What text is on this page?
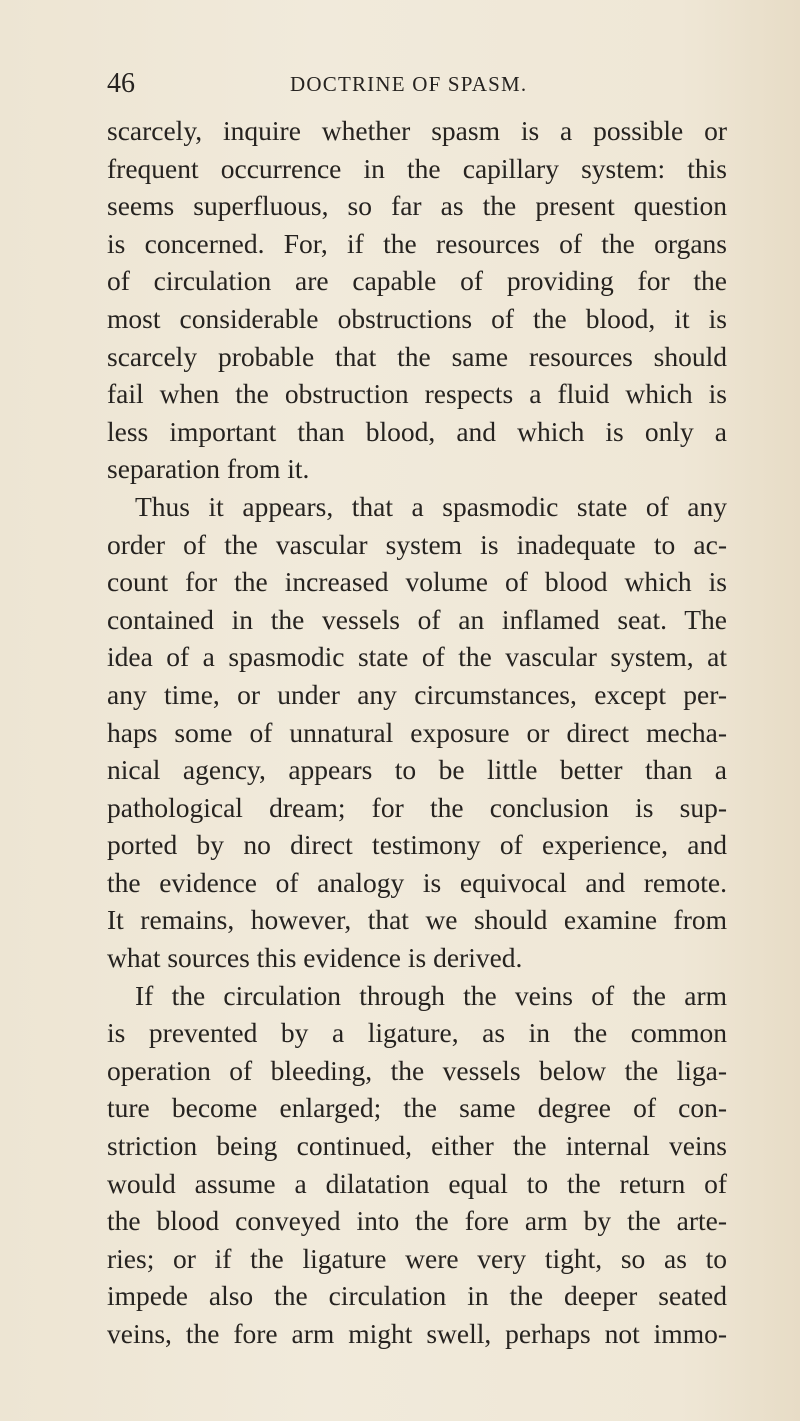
46	DOCTRINE OF SPASM.
scarcely, inquire whether spasm is a possible or
frequent occurrence in the capillary system: this
seems superfluous, so far as the present question
is concerned. For, if the resources of the organs
of circulation are capable of providing for the
most considerable obstructions of the blood, it is
scarcely probable that the same resources should
fail when the obstruction respects a fluid which is
less important than blood, and which is only a
separation from it.
Thus it appears, that a spasmodic state of any
order of the vascular system is inadequate to ac-
count for the increased volume of blood which is
contained in the vessels of an inflamed seat. The
idea of a spasmodic state of the vascular system, at
any time, or under any circumstances, except per-
haps some of unnatural exposure or direct mecha-
nical agency, appears to be little better than a
pathological dream; for the conclusion is sup-
ported by no direct testimony of experience, and
the evidence of analogy is equivocal and remote.
It remains, however, that we should examine from
what sources this evidence is derived.
If the circulation through the veins of the arm
is prevented by a ligature, as in the common
operation of bleeding, the vessels below the liga-
ture become enlarged; the same degree of con-
striction being continued, either the internal veins
would assume a dilatation equal to the return of
the blood conveyed into the fore arm by the arte-
ries; or if the ligature were very tight, so as to
impede also the circulation in the deeper seated
veins, the fore arm might swell, perhaps not immo-
